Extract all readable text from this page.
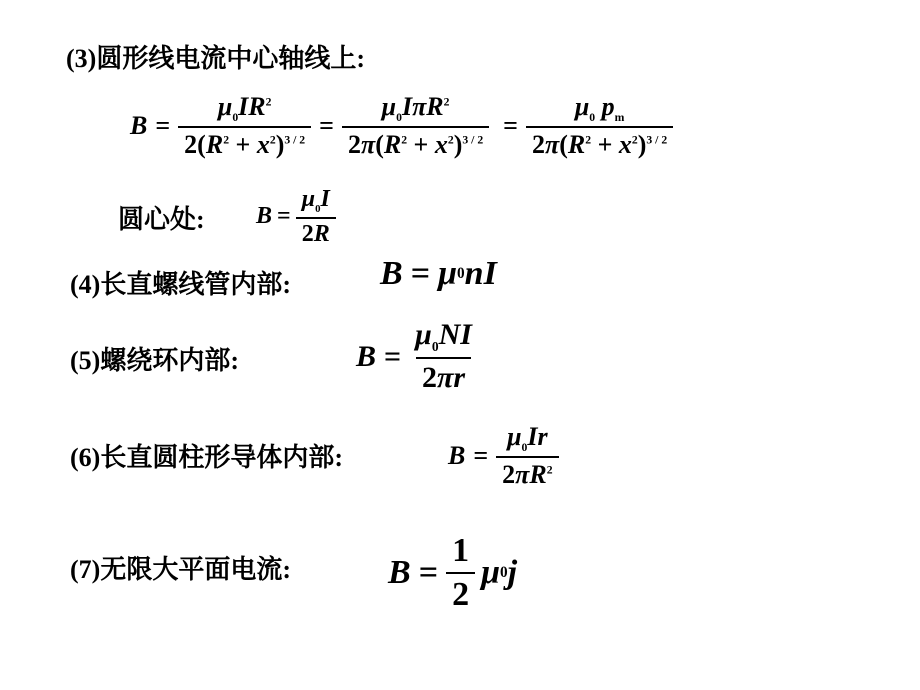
(3)圆形线电流中心轴线上:
$B = \frac{\mu_0IR^2}{2(R^2 + x^2)^{3 / 2}} = \frac{\mu_0I\pi R^2}{2\pi(R^2 + x^2)^{3 / 2}} = \frac{\mu_0 p_m}{2\pi(R^2 + x^2)^{3 / 2}}$
圆心处: $B = \frac{\mu_0I}{2R}$
(4)长直螺线管内部:	B = μ 0 n I
(5)螺绕环内部:	$B = \frac{\mu_0NI}{2\pi r}$
(6)长直圆柱形导体内部:	$B = \frac{\mu_0Ir}{2\pi R^2}$
(7)无限大平面电流:	$B = \frac{1}{2}$ μ 0 j
